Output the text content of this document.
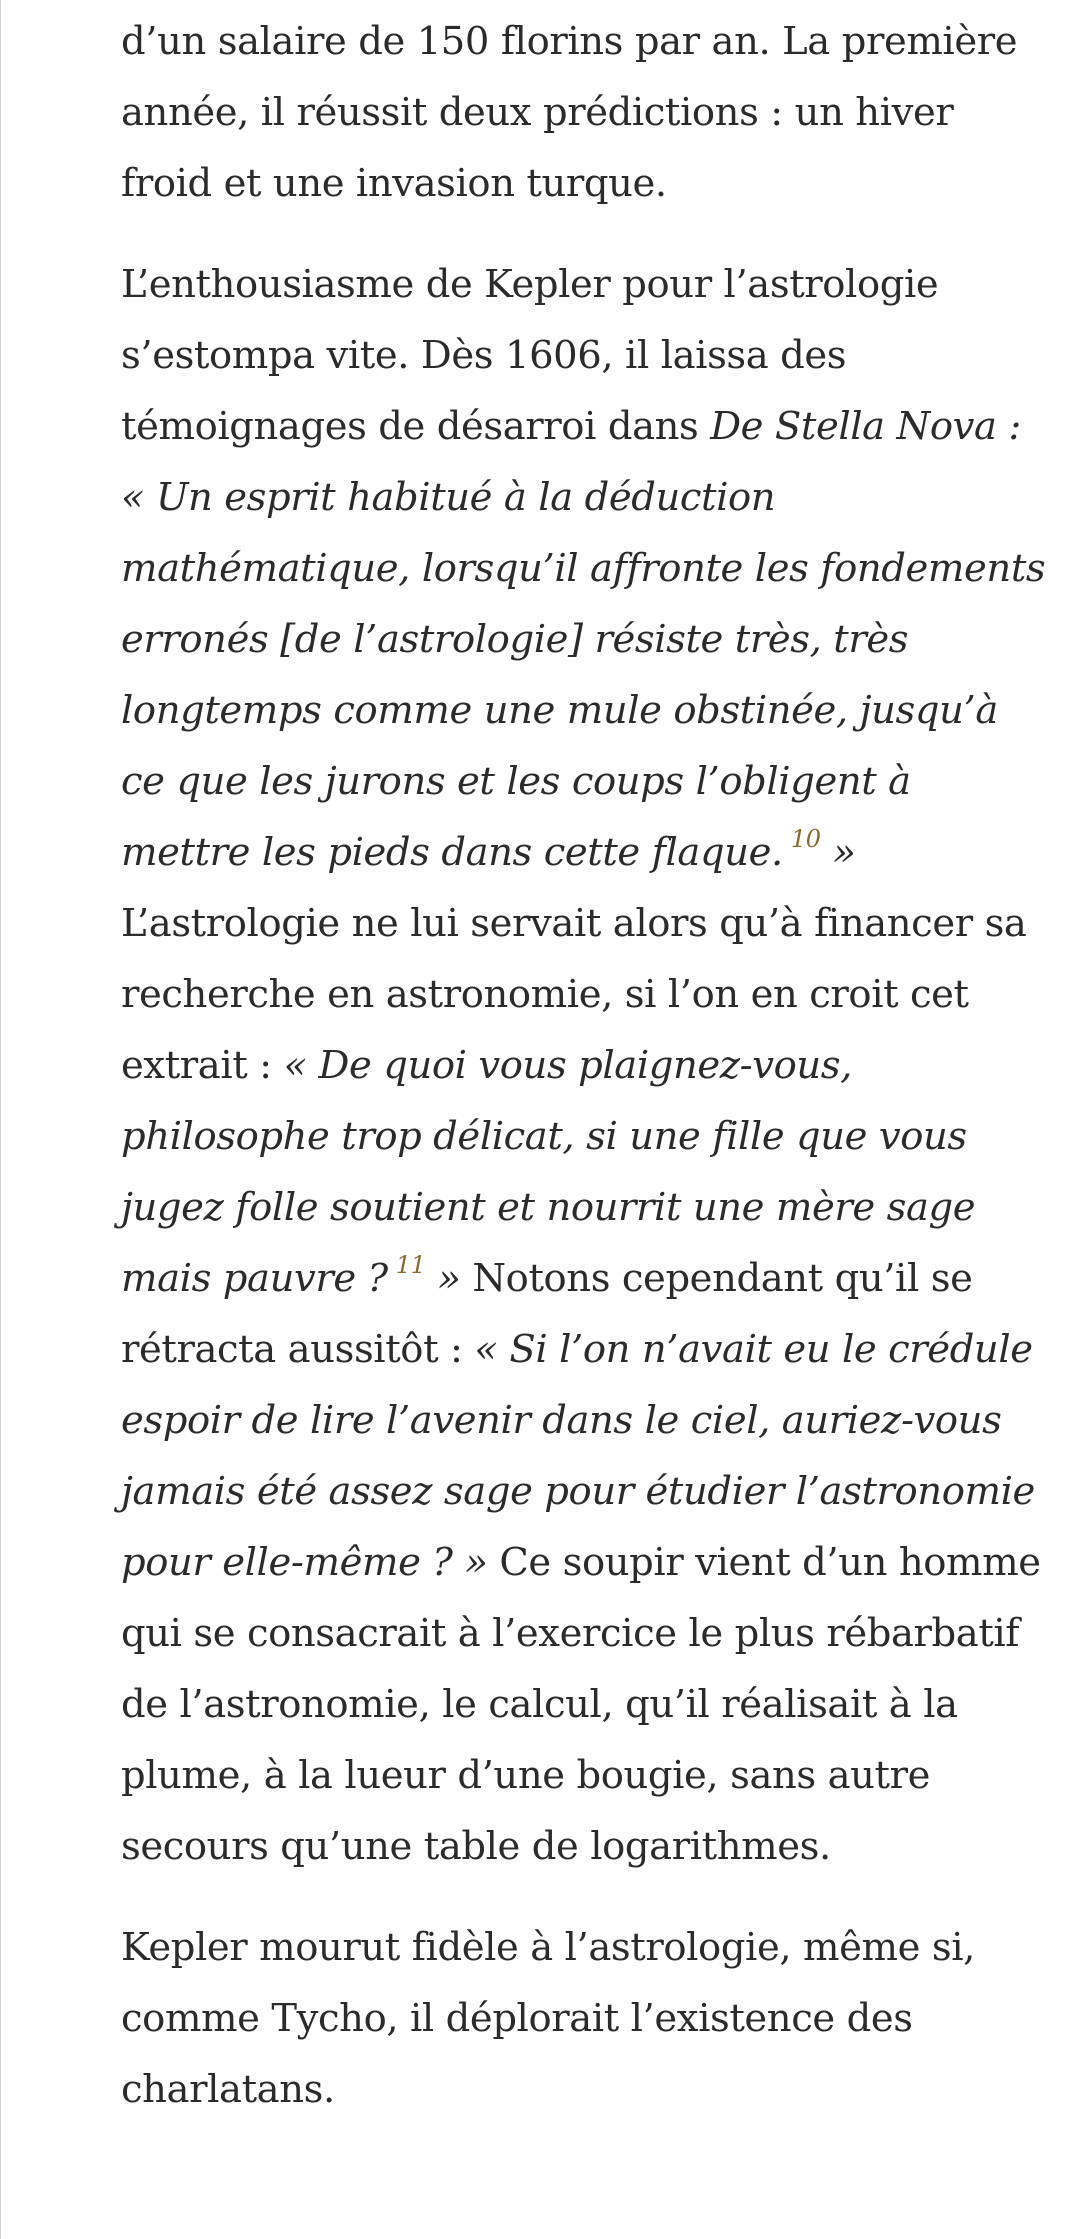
d’un salaire de 150 florins par an. La première
année, il réussit deux prédictions : un hiver
froid et une invasion turque.

L’enthousiasme de Kepler pour l’astrologie s’estompa vite. Dès 1606, il laissa des témoignages de désarroi dans De Stella Nova : « Un esprit habitué à la déduction mathématique, lorsqu’il affronte les fondements erronés [de l’astrologie] résiste très, très longtemps comme une mule obstinée, jusqu’à ce que les jurons et les coups l’obligent à mettre les pieds dans cette flaque. $^{10}$ » L’astrologie ne lui servait alors qu’à financer sa recherche en astronomie, si l’on en croit cet extrait : « De quoi vous plaignez-vous, philosophe trop délicat, si une fille que vous jugez folle soutient et nourrit une mère sage mais pauvre ? $^{11}$ » Notons cependant qu’il se rétracta aussitôt : « Si l’on n’avait eu le crédule espoir de lire l’avenir dans le ciel, auriez-vous jamais été assez sage pour étudier l’astronomie pour elle-même ? » Ce soupir vient d’un homme qui se consacrait à l’exercice le plus rébarbatif de l’astronomie, le calcul, qu’il réalisait à la plume, à la lueur d’une bougie, sans autre secours qu’une table de logarithmes.

Kepler mourut fidèle à l’astrologie, même si, comme Tycho, il déplorait l’existence des charlatans.
